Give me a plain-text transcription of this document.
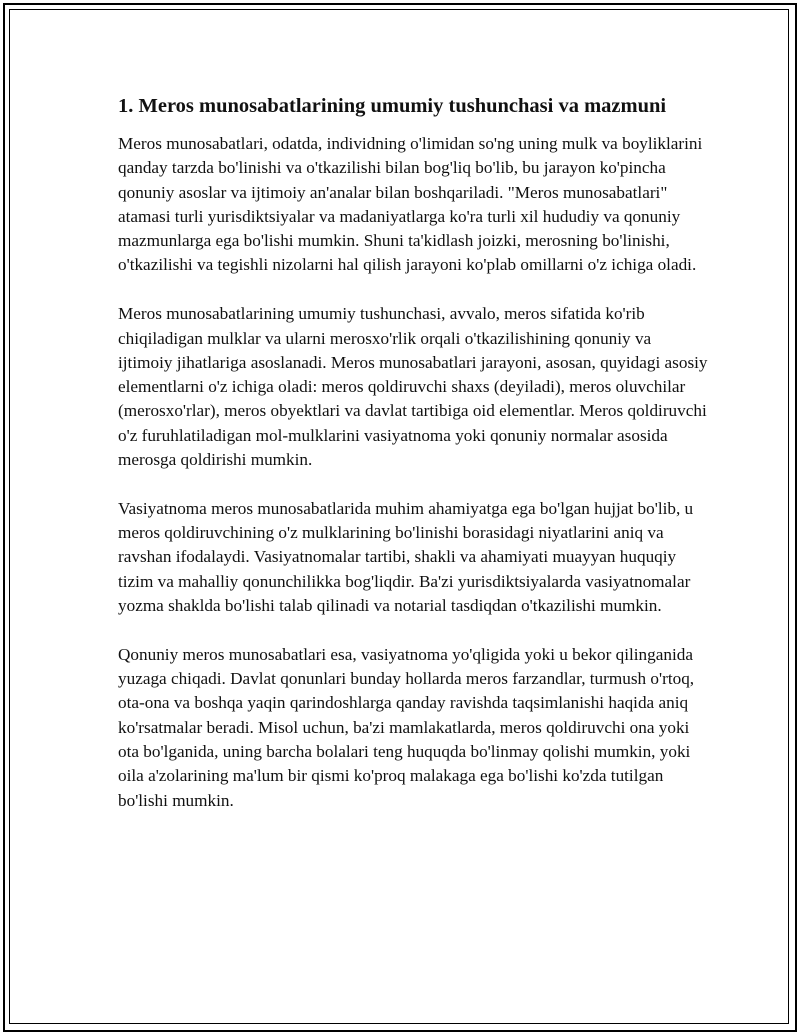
1. Meros munosabatlarining umumiy tushunchasi va mazmuni

Meros munosabatlari, odatda, individning o'limidan so'ng uning mulk va boyliklarini qanday tarzda bo'linishi va o'tkazilishi bilan bog'liq bo'lib, bu jarayon ko'pincha qonuniy asoslar va ijtimoiy an'analar bilan boshqariladi. "Meros munosabatlari" atamasi turli yurisdiktsiyalar va madaniyatlarga ko'ra turli xil hududiy va qonuniy mazmunlarga ega bo'lishi mumkin. Shuni ta'kidlash joizki, merosning bo'linishi, o'tkazilishi va tegishli nizolarni hal qilish jarayoni ko'plab omillarni o'z ichiga oladi.

Meros munosabatlarining umumiy tushunchasi, avvalo, meros sifatida ko'rib chiqiladigan mulklar va ularni merosxo'rlik orqali o'tkazilishining qonuniy va ijtimoiy jihatlariga asoslanadi. Meros munosabatlari jarayoni, asosan, quyidagi asosiy elementlarni o'z ichiga oladi: meros qoldiruvchi shaxs (deyiladi), meros oluvchilar (merosxo'rlar), meros obyektlari va davlat tartibiga oid elementlar. Meros qoldiruvchi o'z furuhlatiladigan mol-mulklarini vasiyatnoma yoki qonuniy normalar asosida merosga qoldirishi mumkin.

Vasiyatnoma meros munosabatlarida muhim ahamiyatga ega bo'lgan hujjat bo'lib, u meros qoldiruvchining o'z mulklarining bo'linishi borasidagi niyatlarini aniq va ravshan ifodalaydi. Vasiyatnomalar tartibi, shakli va ahamiyati muayyan huquqiy tizim va mahalliy qonunchilikka bog'liqdir. Ba'zi yurisdiktsiyalarda vasiyatnomalar yozma shaklda bo'lishi talab qilinadi va notarial tasdiqdan o'tkazilishi mumkin.

Qonuniy meros munosabatlari esa, vasiyatnoma yo'qligida yoki u bekor qilinganida yuzaga chiqadi. Davlat qonunlari bunday hollarda meros farzandlar, turmush o'rtoq, ota-ona va boshqa yaqin qarindoshlarga qanday ravishda taqsimlanishi haqida aniq ko'rsatmalar beradi. Misol uchun, ba'zi mamlakatlarda, meros qoldiruvchi ona yoki ota bo'lganida, uning barcha bolalari teng huquqda bo'linmay qolishi mumkin, yoki oila a'zolarining ma'lum bir qismi ko'proq malakaga ega bo'lishi ko'zda tutilgan bo'lishi mumkin.
